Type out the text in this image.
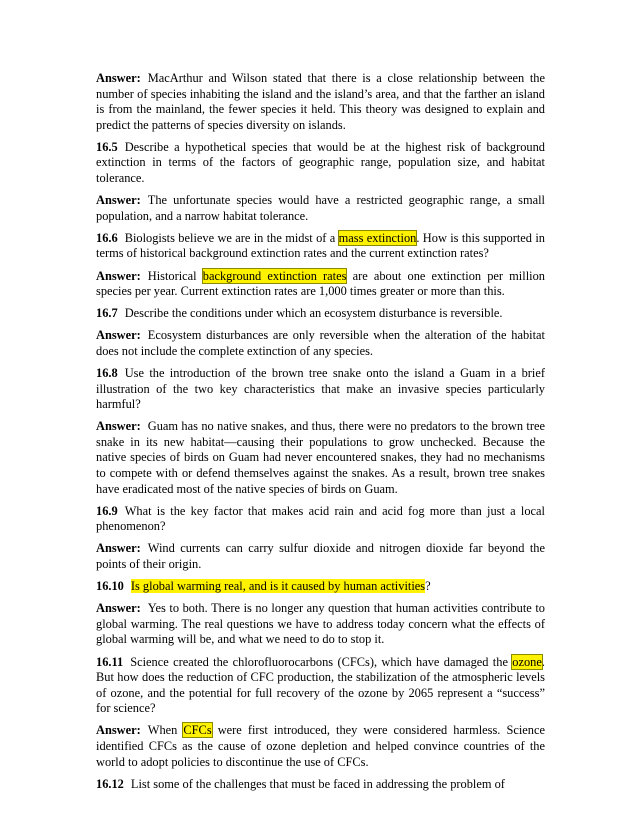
Answer: MacArthur and Wilson stated that there is a close relationship between the number of species inhabiting the island and the island’s area, and that the farther an island is from the mainland, the fewer species it held. This theory was designed to explain and predict the patterns of species diversity on islands.

16.5 Describe a hypothetical species that would be at the highest risk of background extinction in terms of the factors of geographic range, population size, and habitat tolerance.

Answer: The unfortunate species would have a restricted geographic range, a small population, and a narrow habitat tolerance.

16.6 Biologists believe we are in the midst of a mass extinction. How is this supported in terms of historical background extinction rates and the current extinction rates?

Answer: Historical background extinction rates are about one extinction per million species per year. Current extinction rates are 1,000 times greater or more than this.

16.7 Describe the conditions under which an ecosystem disturbance is reversible.

Answer: Ecosystem disturbances are only reversible when the alteration of the habitat does not include the complete extinction of any species.

16.8 Use the introduction of the brown tree snake onto the island a Guam in a brief illustration of the two key characteristics that make an invasive species particularly harmful?

Answer: Guam has no native snakes, and thus, there were no predators to the brown tree snake in its new habitat—causing their populations to grow unchecked. Because the native species of birds on Guam had never encountered snakes, they had no mechanisms to compete with or defend themselves against the snakes. As a result, brown tree snakes have eradicated most of the native species of birds on Guam.

16.9 What is the key factor that makes acid rain and acid fog more than just a local phenomenon?

Answer: Wind currents can carry sulfur dioxide and nitrogen dioxide far beyond the points of their origin.

16.10 Is global warming real, and is it caused by human activities?

Answer: Yes to both. There is no longer any question that human activities contribute to global warming. The real questions we have to address today concern what the effects of global warming will be, and what we need to do to stop it.

16.11 Science created the chlorofluorocarbons (CFCs), which have damaged the ozone. But how does the reduction of CFC production, the stabilization of the atmospheric levels of ozone, and the potential for full recovery of the ozone by 2065 represent a “success” for science?

Answer: When CFCs were first introduced, they were considered harmless. Science identified CFCs as the cause of ozone depletion and helped convince countries of the world to adopt policies to discontinue the use of CFCs.

16.12 List some of the challenges that must be faced in addressing the problem of
